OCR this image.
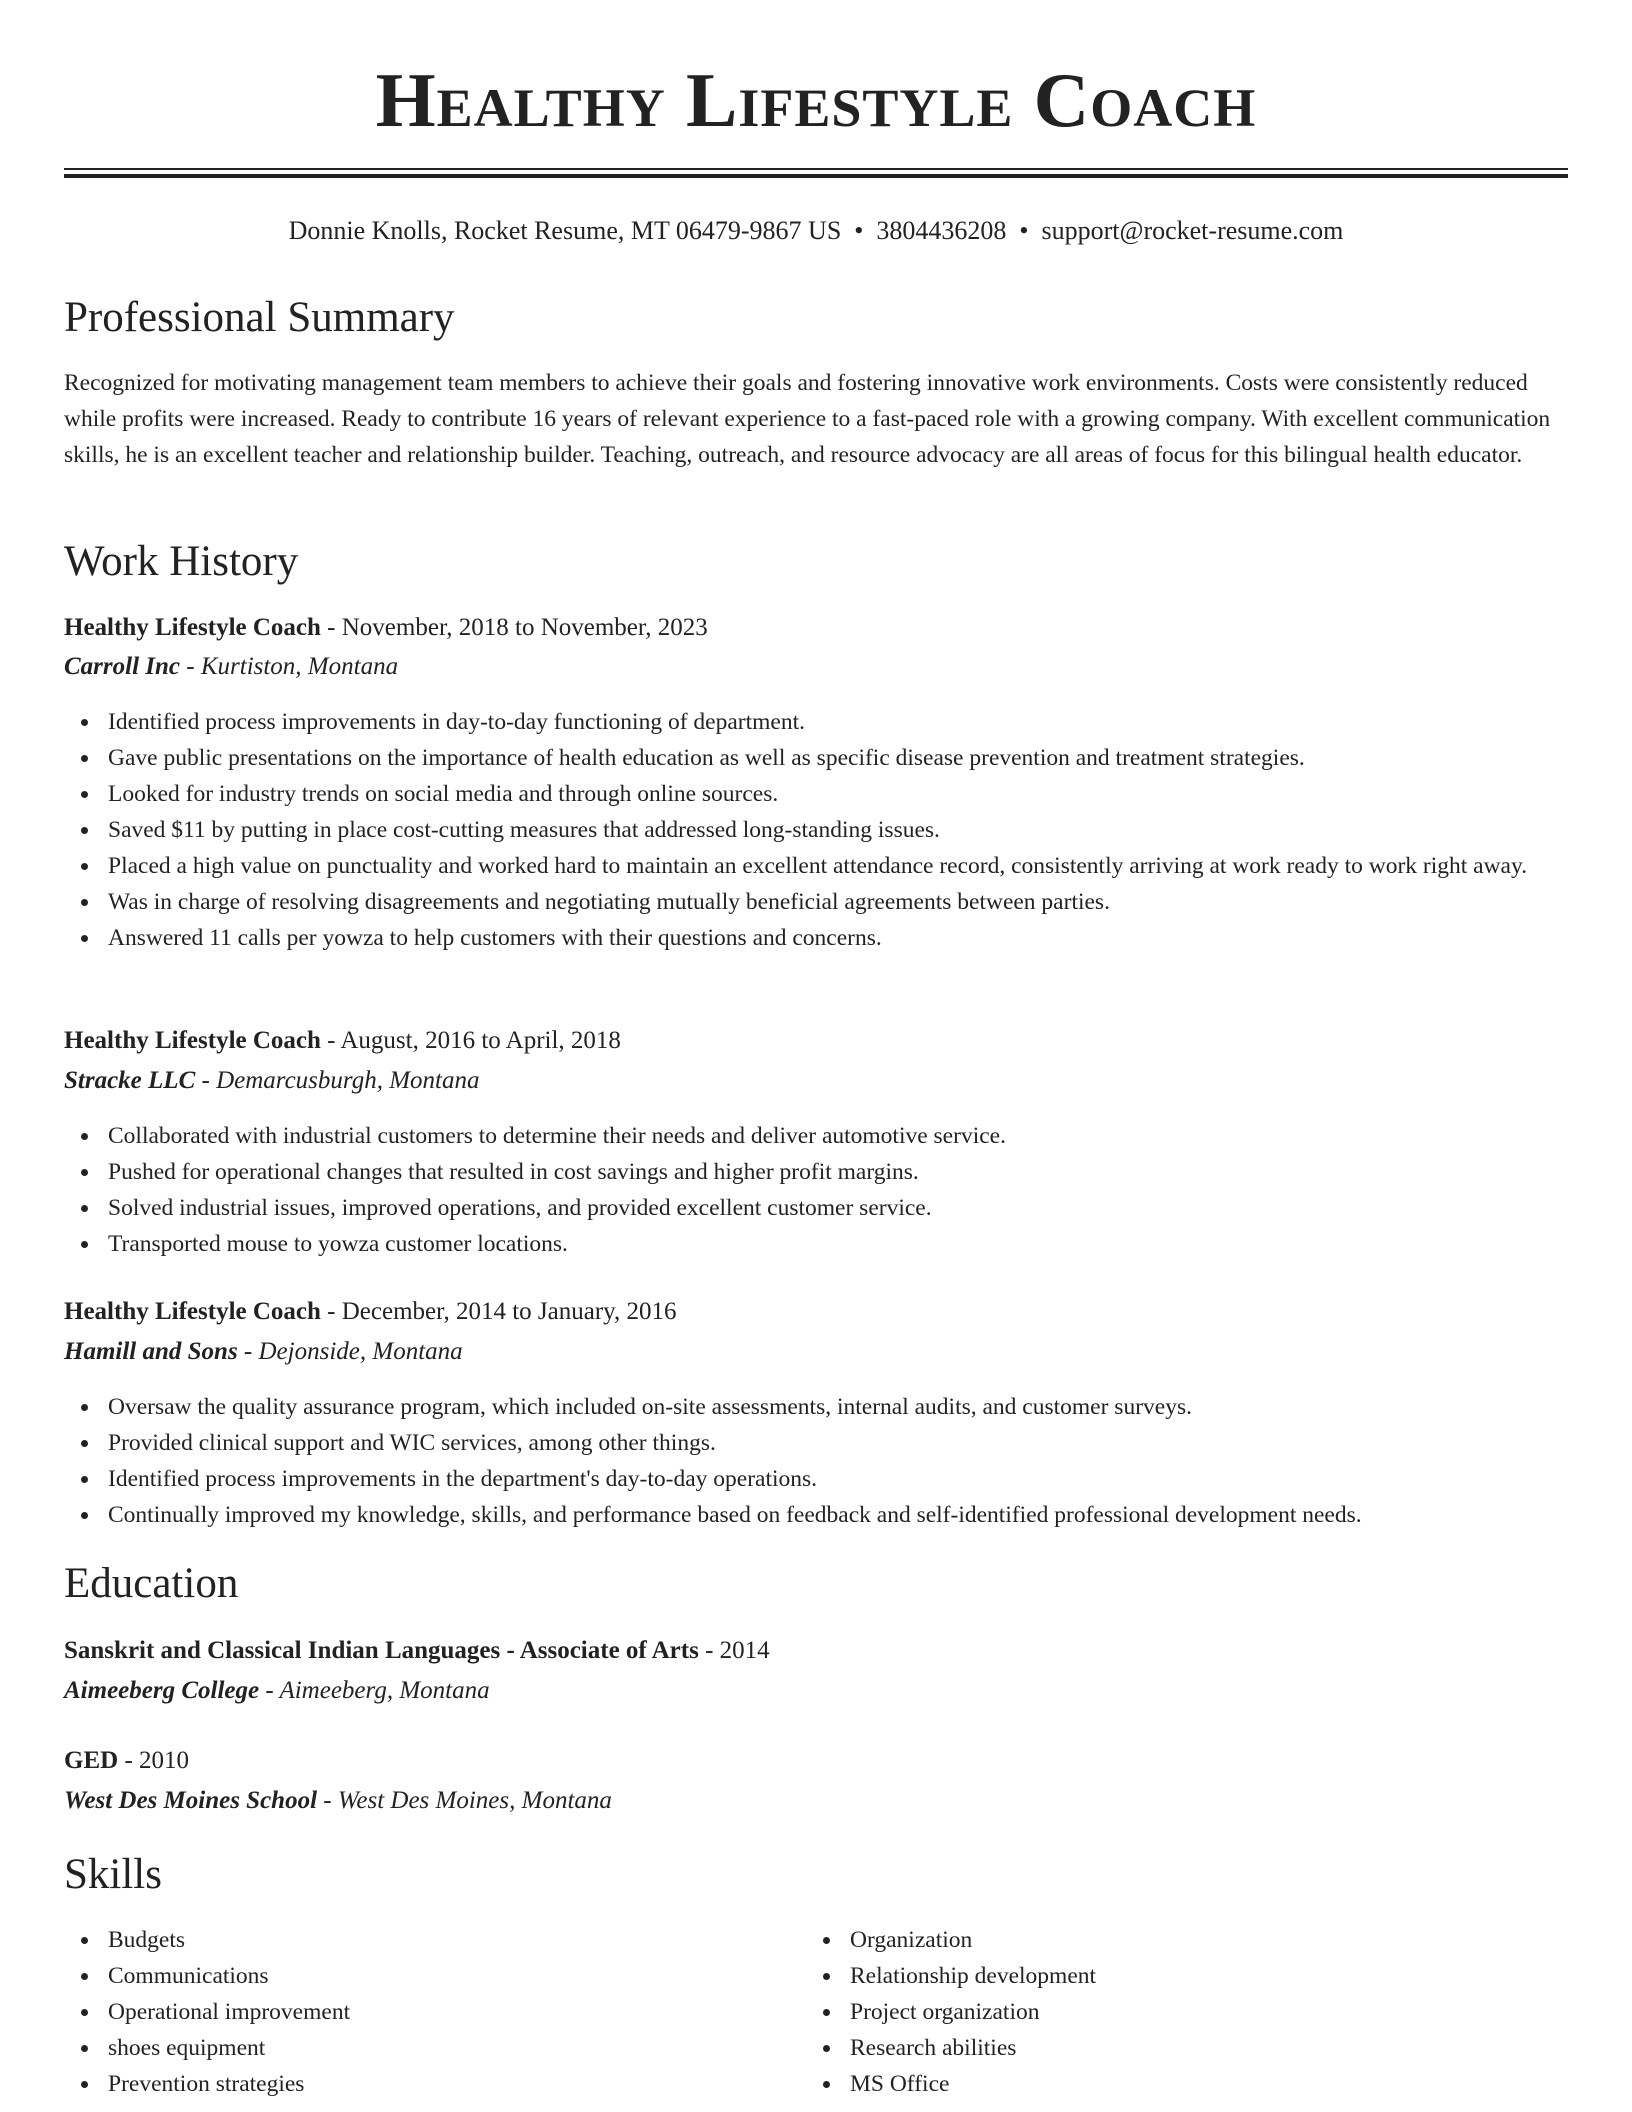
Healthy Lifestyle Coach
Donnie Knolls, Rocket Resume, MT 06479-9867 US • 3804436208 • support@rocket-resume.com
Professional Summary

Recognized for motivating management team members to achieve their goals and fostering innovative work environments. Costs were consistently reduced while profits were increased. Ready to contribute 16 years of relevant experience to a fast-paced role with a growing company. With excellent communication skills, he is an excellent teacher and relationship builder. Teaching, outreach, and resource advocacy are all areas of focus for this bilingual health educator.

Work History
Healthy Lifestyle Coach - November, 2018 to November, 2023
Carroll Inc - Kurtiston, Montana
Identified process improvements in day-to-day functioning of department.
Gave public presentations on the importance of health education as well as specific disease prevention and treatment strategies.
Looked for industry trends on social media and through online sources.
Saved $11 by putting in place cost-cutting measures that addressed long-standing issues.
Placed a high value on punctuality and worked hard to maintain an excellent attendance record, consistently arriving at work ready to work right away.
Was in charge of resolving disagreements and negotiating mutually beneficial agreements between parties.
Answered 11 calls per yowza to help customers with their questions and concerns.
Healthy Lifestyle Coach - August, 2016 to April, 2018
Stracke LLC - Demarcusburgh, Montana
Collaborated with industrial customers to determine their needs and deliver automotive service.
Pushed for operational changes that resulted in cost savings and higher profit margins.
Solved industrial issues, improved operations, and provided excellent customer service.
Transported mouse to yowza customer locations.
Healthy Lifestyle Coach - December, 2014 to January, 2016
Hamill and Sons - Dejonside, Montana
Oversaw the quality assurance program, which included on-site assessments, internal audits, and customer surveys.
Provided clinical support and WIC services, among other things.
Identified process improvements in the department's day-to-day operations.
Continually improved my knowledge, skills, and performance based on feedback and self-identified professional development needs.
Education
Sanskrit and Classical Indian Languages - Associate of Arts - 2014
Aimeeberg College - Aimeeberg, Montana
GED - 2010
West Des Moines School - West Des Moines, Montana
Skills
Budgets
Communications
Operational improvement
shoes equipment
Prevention strategies
Organization
Relationship development
Project organization
Research abilities
MS Office
